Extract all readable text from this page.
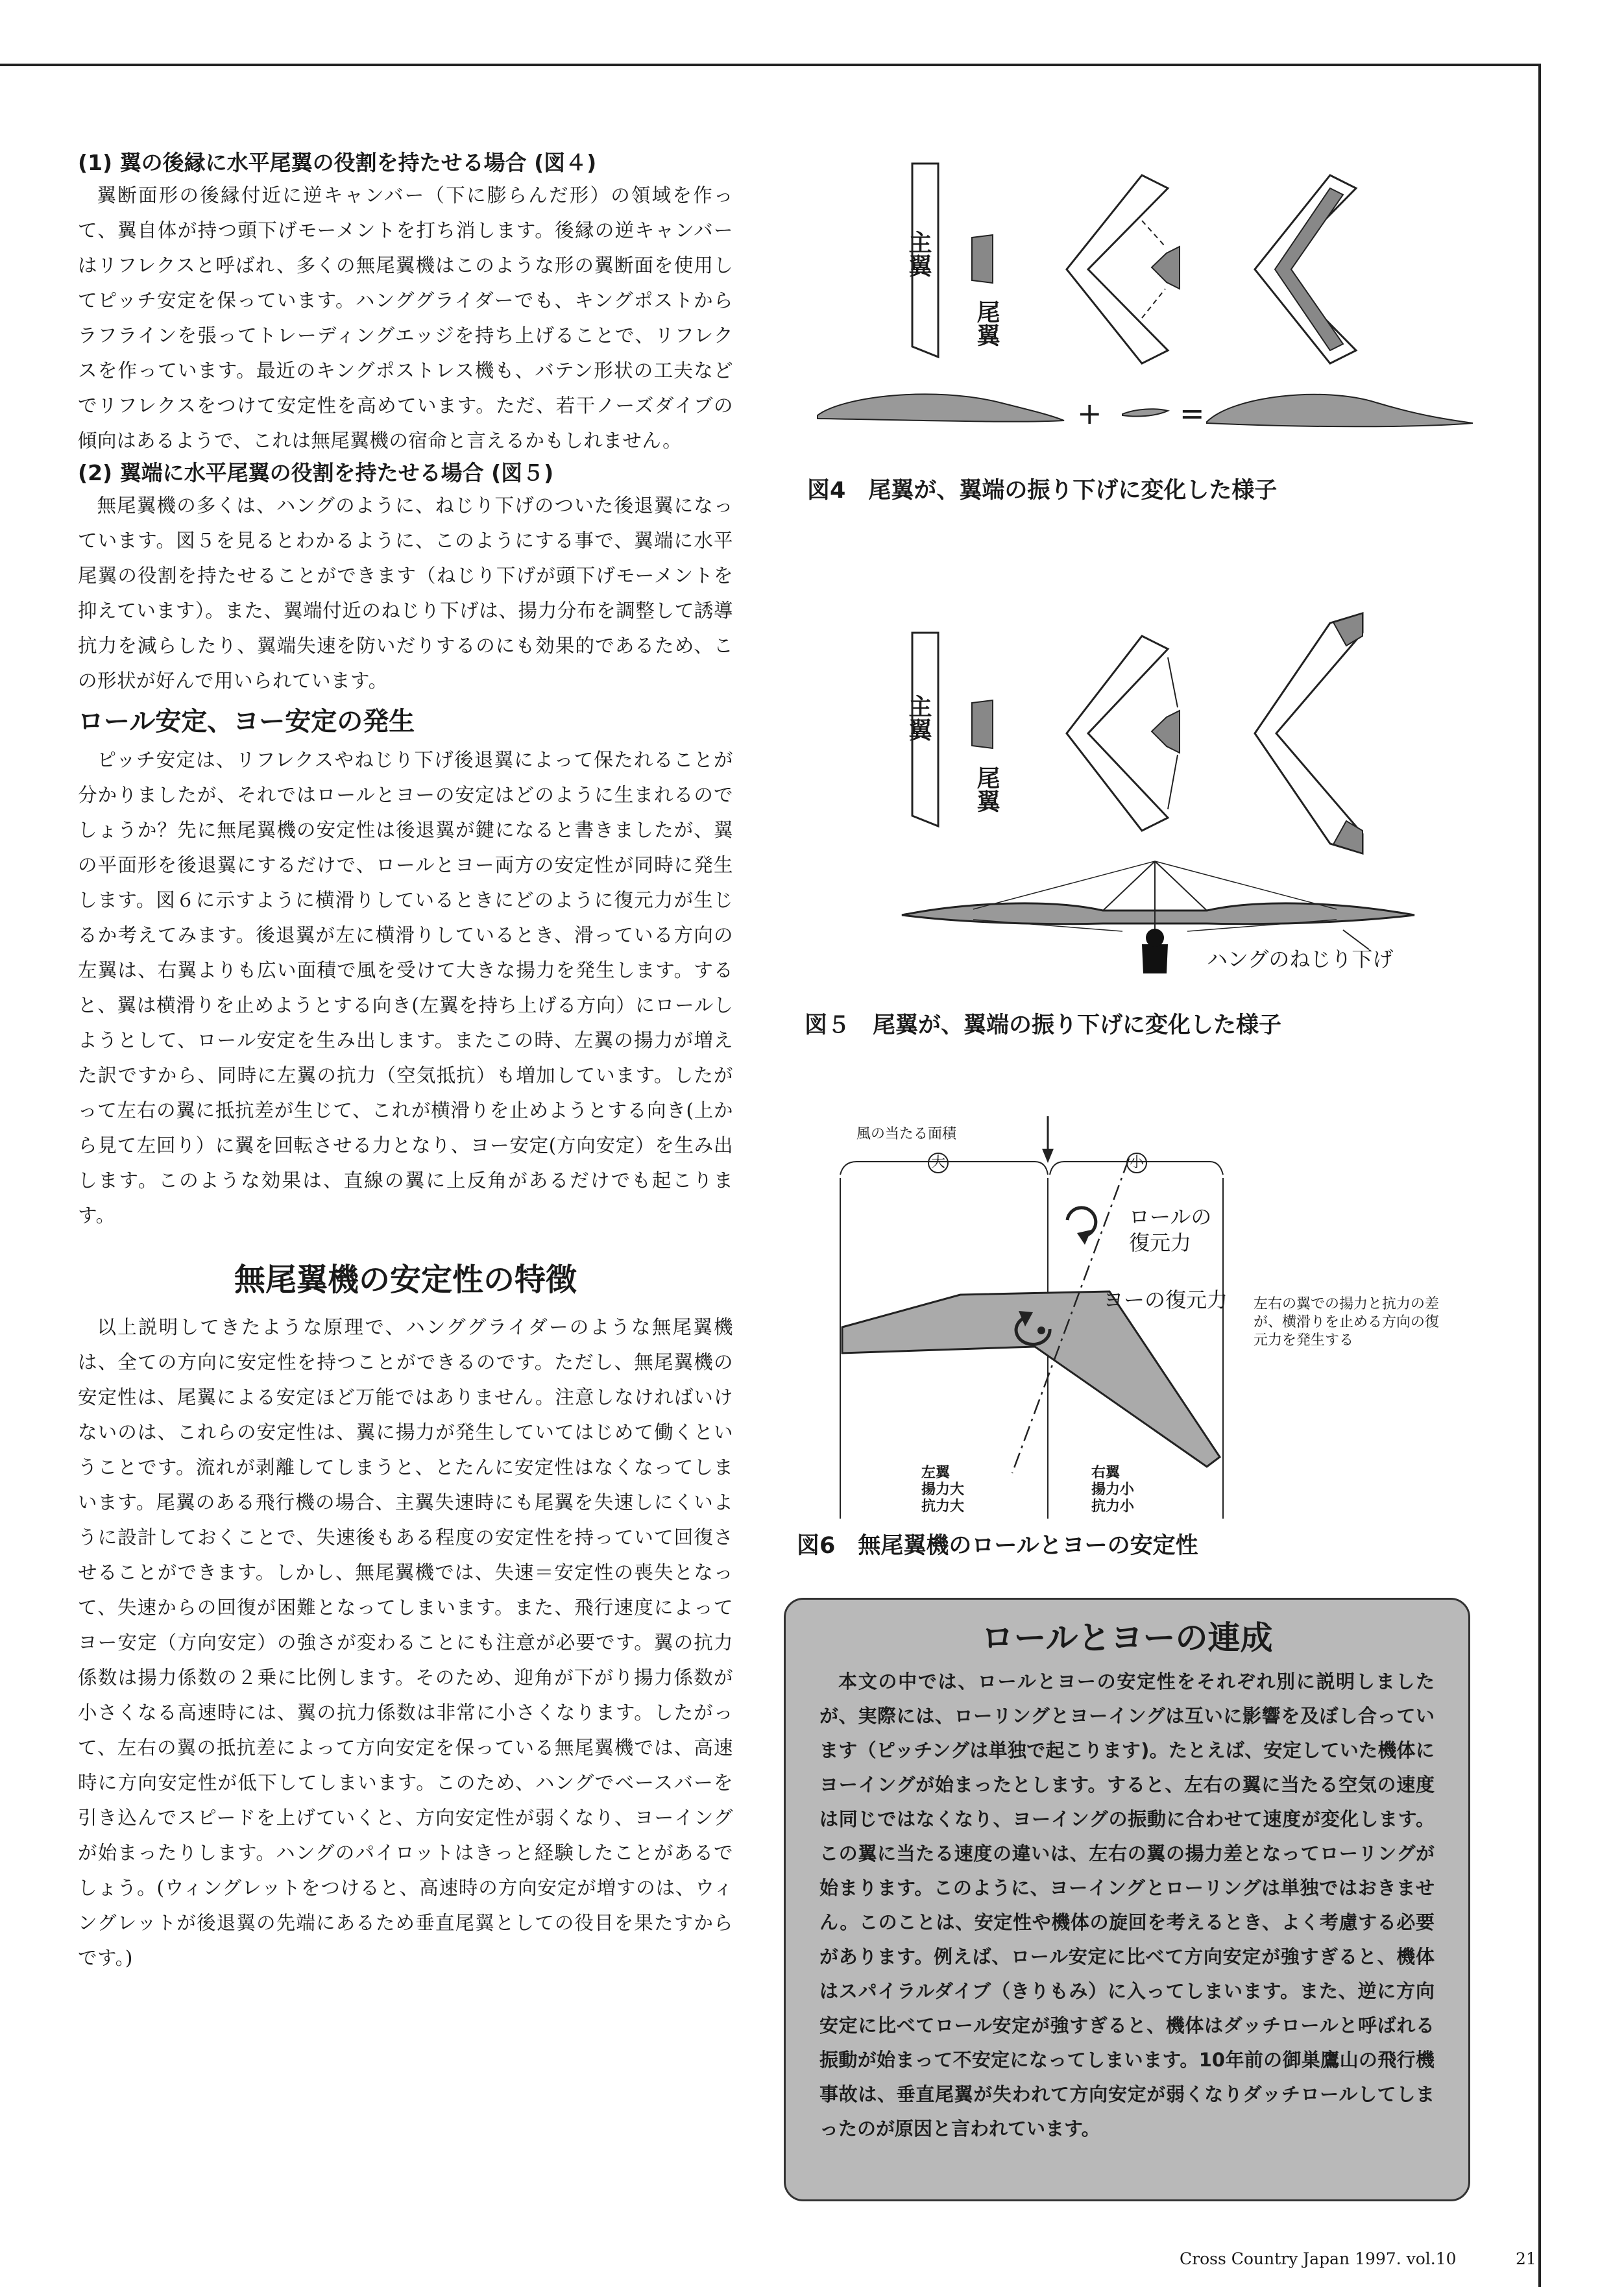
(1) 翼の後縁に水平尾翼の役割を持たせる場合 (図４)

翼断面形の後縁付近に逆キャンバー（下に膨らんだ形）の領域を作って、翼自体が持つ頭下げモーメントを打ち消します。後縁の逆キャンバーはリフレクスと呼ばれ、多くの無尾翼機はこのような形の翼断面を使用してピッチ安定を保っています。ハンググライダーでも、キングポストからラフラインを張ってトレーディングエッジを持ち上げることで、リフレクスを作っています。最近のキングポストレス機も、バテン形状の工夫などでリフレクスをつけて安定性を高めています。ただ、若干ノーズダイブの傾向はあるようで、これは無尾翼機の宿命と言えるかもしれません。

(2) 翼端に水平尾翼の役割を持たせる場合 (図５)

無尾翼機の多くは、ハングのように、ねじり下げのついた後退翼になっています。図５を見るとわかるように、このようにする事で、翼端に水平尾翼の役割を持たせることができます（ねじり下げが頭下げモーメントを抑えています）。また、翼端付近のねじり下げは、揚力分布を調整して誘導抗力を減らしたり、翼端失速を防いだりするのにも効果的であるため、この形状が好んで用いられています。

ロール安定、ヨー安定の発生

ピッチ安定は、リフレクスやねじり下げ後退翼によって保たれることが分かりましたが、それではロールとヨーの安定はどのように生まれるのでしょうか？先に無尾翼機の安定性は後退翼が鍵になると書きましたが、翼の平面形を後退翼にするだけで、ロールとヨー両方の安定性が同時に発生します。図６に示すように横滑りしているときにどのように復元力が生じるか考えてみます。後退翼が左に横滑りしているとき、滑っている方向の左翼は、右翼よりも広い面積で風を受けて大きな揚力を発生します。すると、翼は横滑りを止めようとする向き(左翼を持ち上げる方向）にロールしようとして、ロール安定を生み出します。またこの時、左翼の揚力が増えた訳ですから、同時に左翼の抗力（空気抵抗）も増加しています。したがって左右の翼に抵抗差が生じて、これが横滑りを止めようとする向き(上から見て左回り）に翼を回転させる力となり、ヨー安定(方向安定）を生み出します。このような効果は、直線の翼に上反角があるだけでも起こります。

無尾翼機の安定性の特徴

以上説明してきたような原理で、ハンググライダーのような無尾翼機は、全ての方向に安定性を持つことができるのです。ただし、無尾翼機の安定性は、尾翼による安定ほど万能ではありません。注意しなければいけないのは、これらの安定性は、翼に揚力が発生していてはじめて働くということです。流れが剥離してしまうと、とたんに安定性はなくなってしまいます。尾翼のある飛行機の場合、主翼失速時にも尾翼を失速しにくいように設計しておくことで、失速後もある程度の安定性を持っていて回復させることができます。しかし、無尾翼機では、失速＝安定性の喪失となって、失速からの回復が困難となってしまいます。また、飛行速度によってヨー安定（方向安定）の強さが変わることにも注意が必要です。翼の抗力係数は揚力係数の２乗に比例します。そのため、迎角が下がり揚力係数が小さくなる高速時には、翼の抗力係数は非常に小さくなります。したがって、左右の翼の抵抗差によって方向安定を保っている無尾翼機では、高速時に方向安定性が低下してしまいます。このため、ハングでベースバーを引き込んでスピードを上げていくと、方向安定性が弱くなり、ヨーイングが始まったりします。ハングのパイロットはきっと経験したことがあるでしょう。(ウィングレットをつけると、高速時の方向安定が増すのは、ウィングレットが後退翼の先端にあるため垂直尾翼としての役目を果たすからです。)

主翼
尾翼
+	=
図4　尾翼が、翼端の振り下げに変化した様子
主翼
尾翼
ハングのねじり下げ
図５　尾翼が、翼端の振り下げに変化した様子
風の当たる面積
大	小
ロールの
復元力
ヨーの復元力 左右の翼での揚力と抗力の差
が、横滑りを止める方向の復
元力を発生する
左翼
揚力大
抗力大
右翼
揚力小
抗力小
図6　無尾翼機のロールとヨーの安定性
ロールとヨーの連成

本文の中では、ロールとヨーの安定性をそれぞれ別に説明しましたが、実際には、ローリングとヨーイングは互いに影響を及ぼし合っています（ピッチングは単独で起こります)。たとえば、安定していた機体にヨーイングが始まったとします。すると、左右の翼に当たる空気の速度は同じではなくなり、ヨーイングの振動に合わせて速度が変化します。この翼に当たる速度の違いは、左右の翼の揚力差となってローリングが始まります。このように、ヨーイングとローリングは単独ではおきません。このことは、安定性や機体の旋回を考えるとき、よく考慮する必要があります。例えば、ロール安定に比べて方向安定が強すぎると、機体はスパイラルダイブ（きりもみ）に入ってしまいます。また、逆に方向安定に比べてロール安定が強すぎると、機体はダッチロールと呼ばれる振動が始まって不安定になってしまいます。10年前の御巣鷹山の飛行機事故は、垂直尾翼が失われて方向安定が弱くなりダッチロールしてしまったのが原因と言われています。

Cross Country Japan 1997. vol.10	21
